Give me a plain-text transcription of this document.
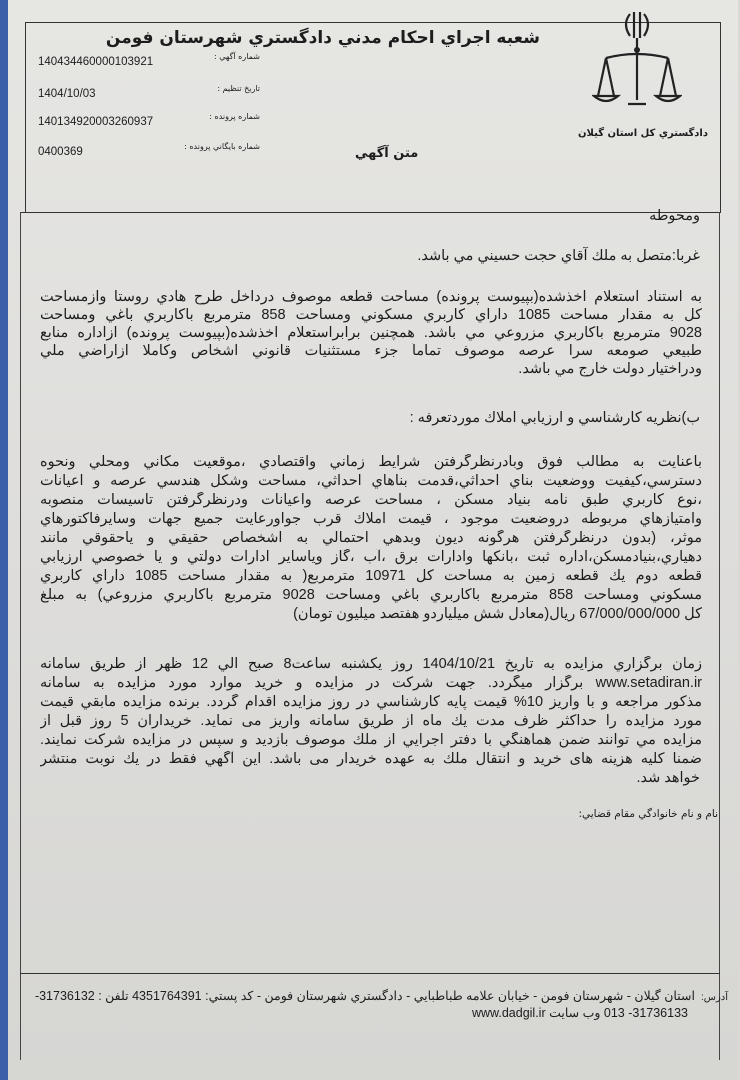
شعبه اجراي احكام مدني دادگستري شهرستان فومن
شماره آگهي :
140434460000103921
تاريخ تنظيم :
1404/10/03
شماره پرونده :
140134920003260937
شماره بايگاني پرونده :
0400369	متن آگهي
دادگستري كل استان گيلان
ومحوطه
غربا:متصل به ملك آقاي حجت حسيني مي باشد.
به استناد استعلام اخذشده(بپيوست پرونده) مساحت قطعه موصوف درداخل طرح هادي روستا وازمساحت
كل به مقدار مساحت 1085 داراي كاربري مسكوني ومساحت 858 مترمربع باكاربري باغي ومساحت
9028 مترمربع باكاربري مزروعي مي باشد. همچنين برابراستعلام اخذشده(بپيوست پرونده) ازاداره منابع
طبيعي صومعه سرا عرصه موصوف تماماً جزء مستثنيات قانوني اشخاص وكاملا ازاراضي ملي
ودراختيار دولت خارج مي باشد.
ب)نظريه كارشناسي و ارزيابي املاك موردتعرفه :
باعنايت به مطالب فوق وبادرنظرگرفتن شرايط زماني واقتصادي ،موقعيت مكاني ومحلي ونحوه
دسترسي،كيفيت ووضعيت بناي احداثي،قدمت بناهاي احداثي، مساحت وشكل هندسي عرصه و اعيانات
،نوع كاربري طبق نامه بنياد مسكن ، مساحت عرصه واعيانات ودرنظرگرفتن تاسيسات منصوبه
وامتيازهاي مربوطه دروضعيت موجود ، قيمت املاك قرب جواورعايت جميع جهات وسايرفاكتورهاي
موثر، (بدون درنظرگرفتن هرگونه ديون وبدهي احتمالي به اشخصاص حقيقي و ياحقوقي مانند
دهياري،بنيادمسكن،اداره ثبت ،بانكها وادارات برق ،آب ،گاز وياساير ادارات دولتي و يا خصوصي ارزيابي
قطعه دوم يك قطعه زمين به مساحت كل 10971 مترمربع( به مقدار مساحت 1085 داراي كاربري
مسكوني ومساحت 858 مترمربع باكاربري باغي ومساحت 9028 مترمربع باكاربري مزروعي) به مبلغ
كل 67/000/000/000 ريال(معادل شش ميلياردو هفتصد ميليون تومان)
زمان برگزاري مزايده به تاريخ 1404/10/21 روز يكشنبه ساعت8 صبح الي 12 ظهر از طريق سامانه
www.setadiran.ir برگزار ميگردد. جهت شركت در مزايده و خريد موارد مورد مزايده به سامانه
مذكور مراجعه و با واريز 10% قيمت پايه كارشناسي در روز مزايده اقدام گردد. برنده مزايده مابقي قيمت
مورد مزايده را حداكثر ظرف مدت يك ماه از طريق سامانه واريز مى نمايد. خريداران 5 روز قبل از
مزايده مي توانند ضمن هماهنگي با دفتر اجرايي از ملك موصوف بازديد و سپس در مزايده شركت نمايند.
ضمنا كليه هزينه هاى خريد و انتقال ملك به عهده خريدار مى باشد. اين آگهي فقط در يك نوبت منتشر
خواهد شد.
نام و نام خانوادگي مقام قضايي:
آدرس:استان گيلان - شهرستان فومن - خيابان علامه طباطبايي - دادگستري شهرستان فومن - كد پستي: 4351764391 تلفن : 31736132-
31736133- 013 وب سايت www.dadgil.ir
